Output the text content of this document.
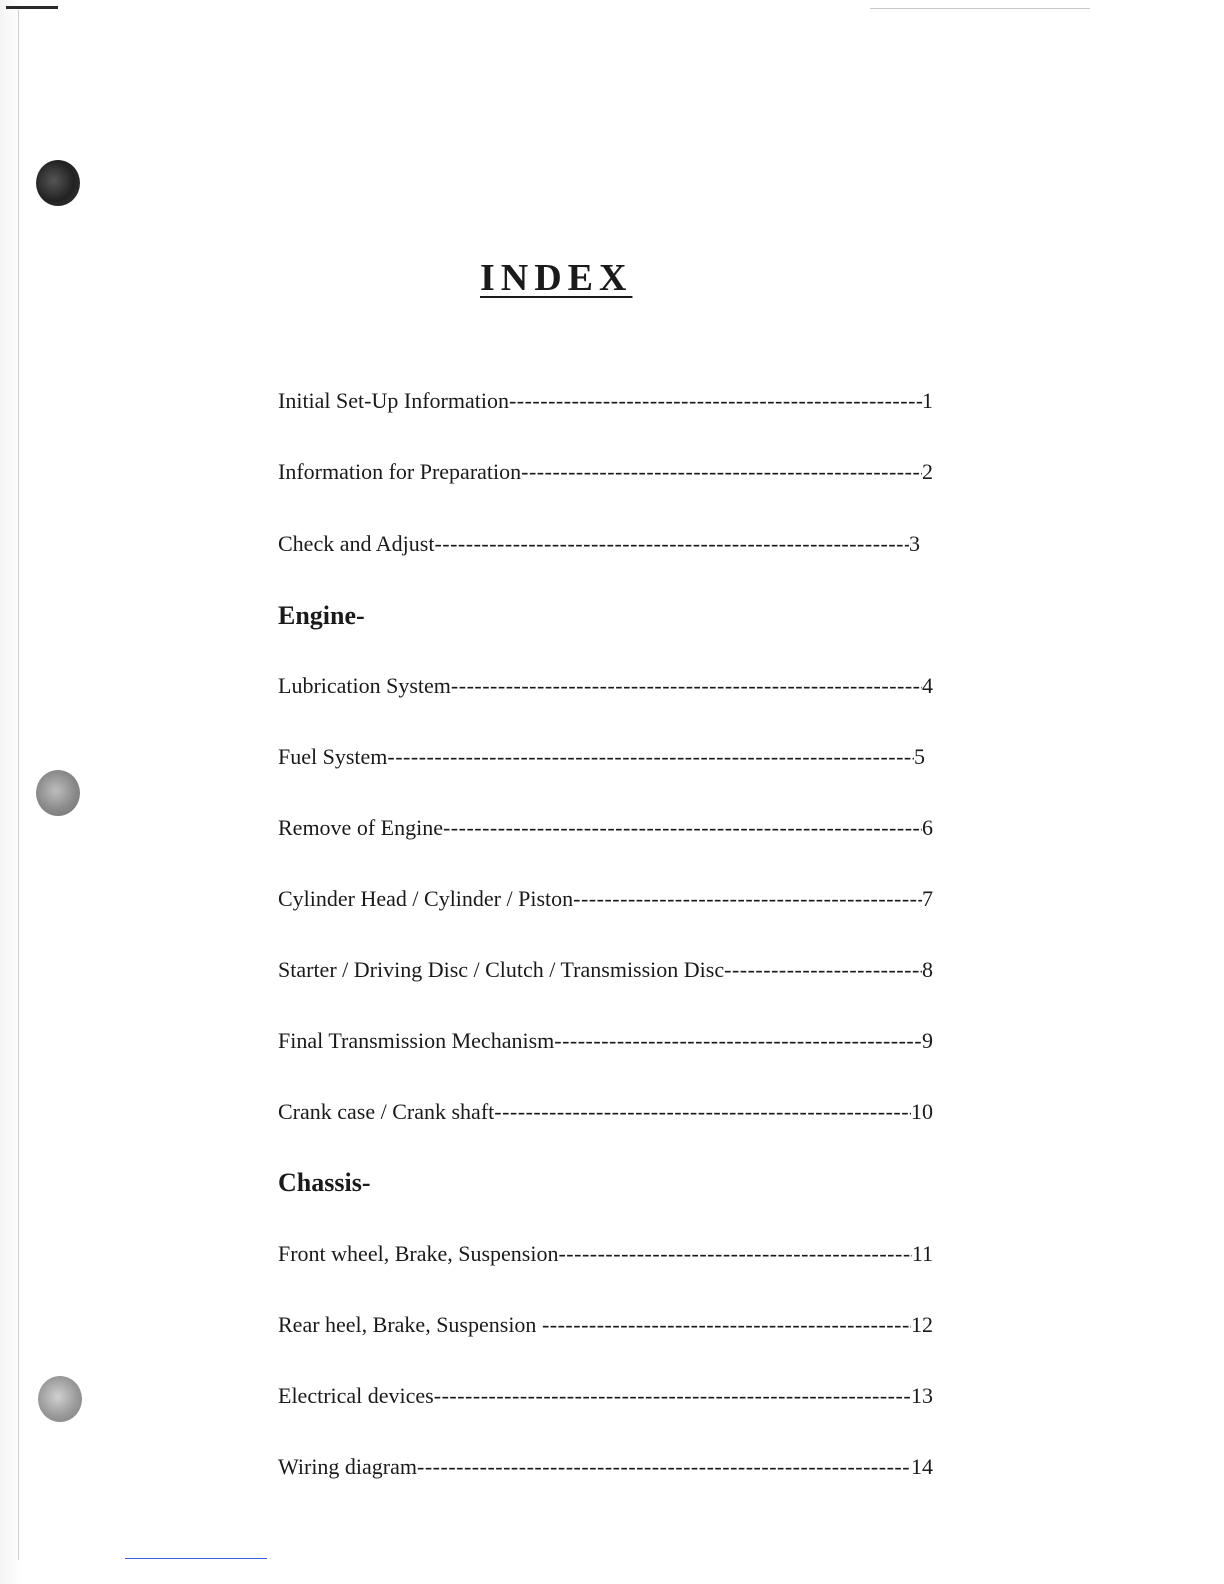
INDEX
Initial Set-Up Information -----	1
Information for Preparation -----	2
Check and Adjust -----	3
Engine-
Lubrication System -----	4
Fuel System -----	5
Remove of Engine -----	6
Cylinder Head / Cylinder / Piston -----	7
Starter / Driving Disc / Clutch / Transmission Disc -----	8
Final Transmission Mechanism -----	9
Crank case / Crank shaft -----	10
Chassis-
Front wheel, Brake, Suspension -----	11
Rear heel, Brake, Suspension -----	12
Electrical devices -----	13
Wiring diagram -----	14
